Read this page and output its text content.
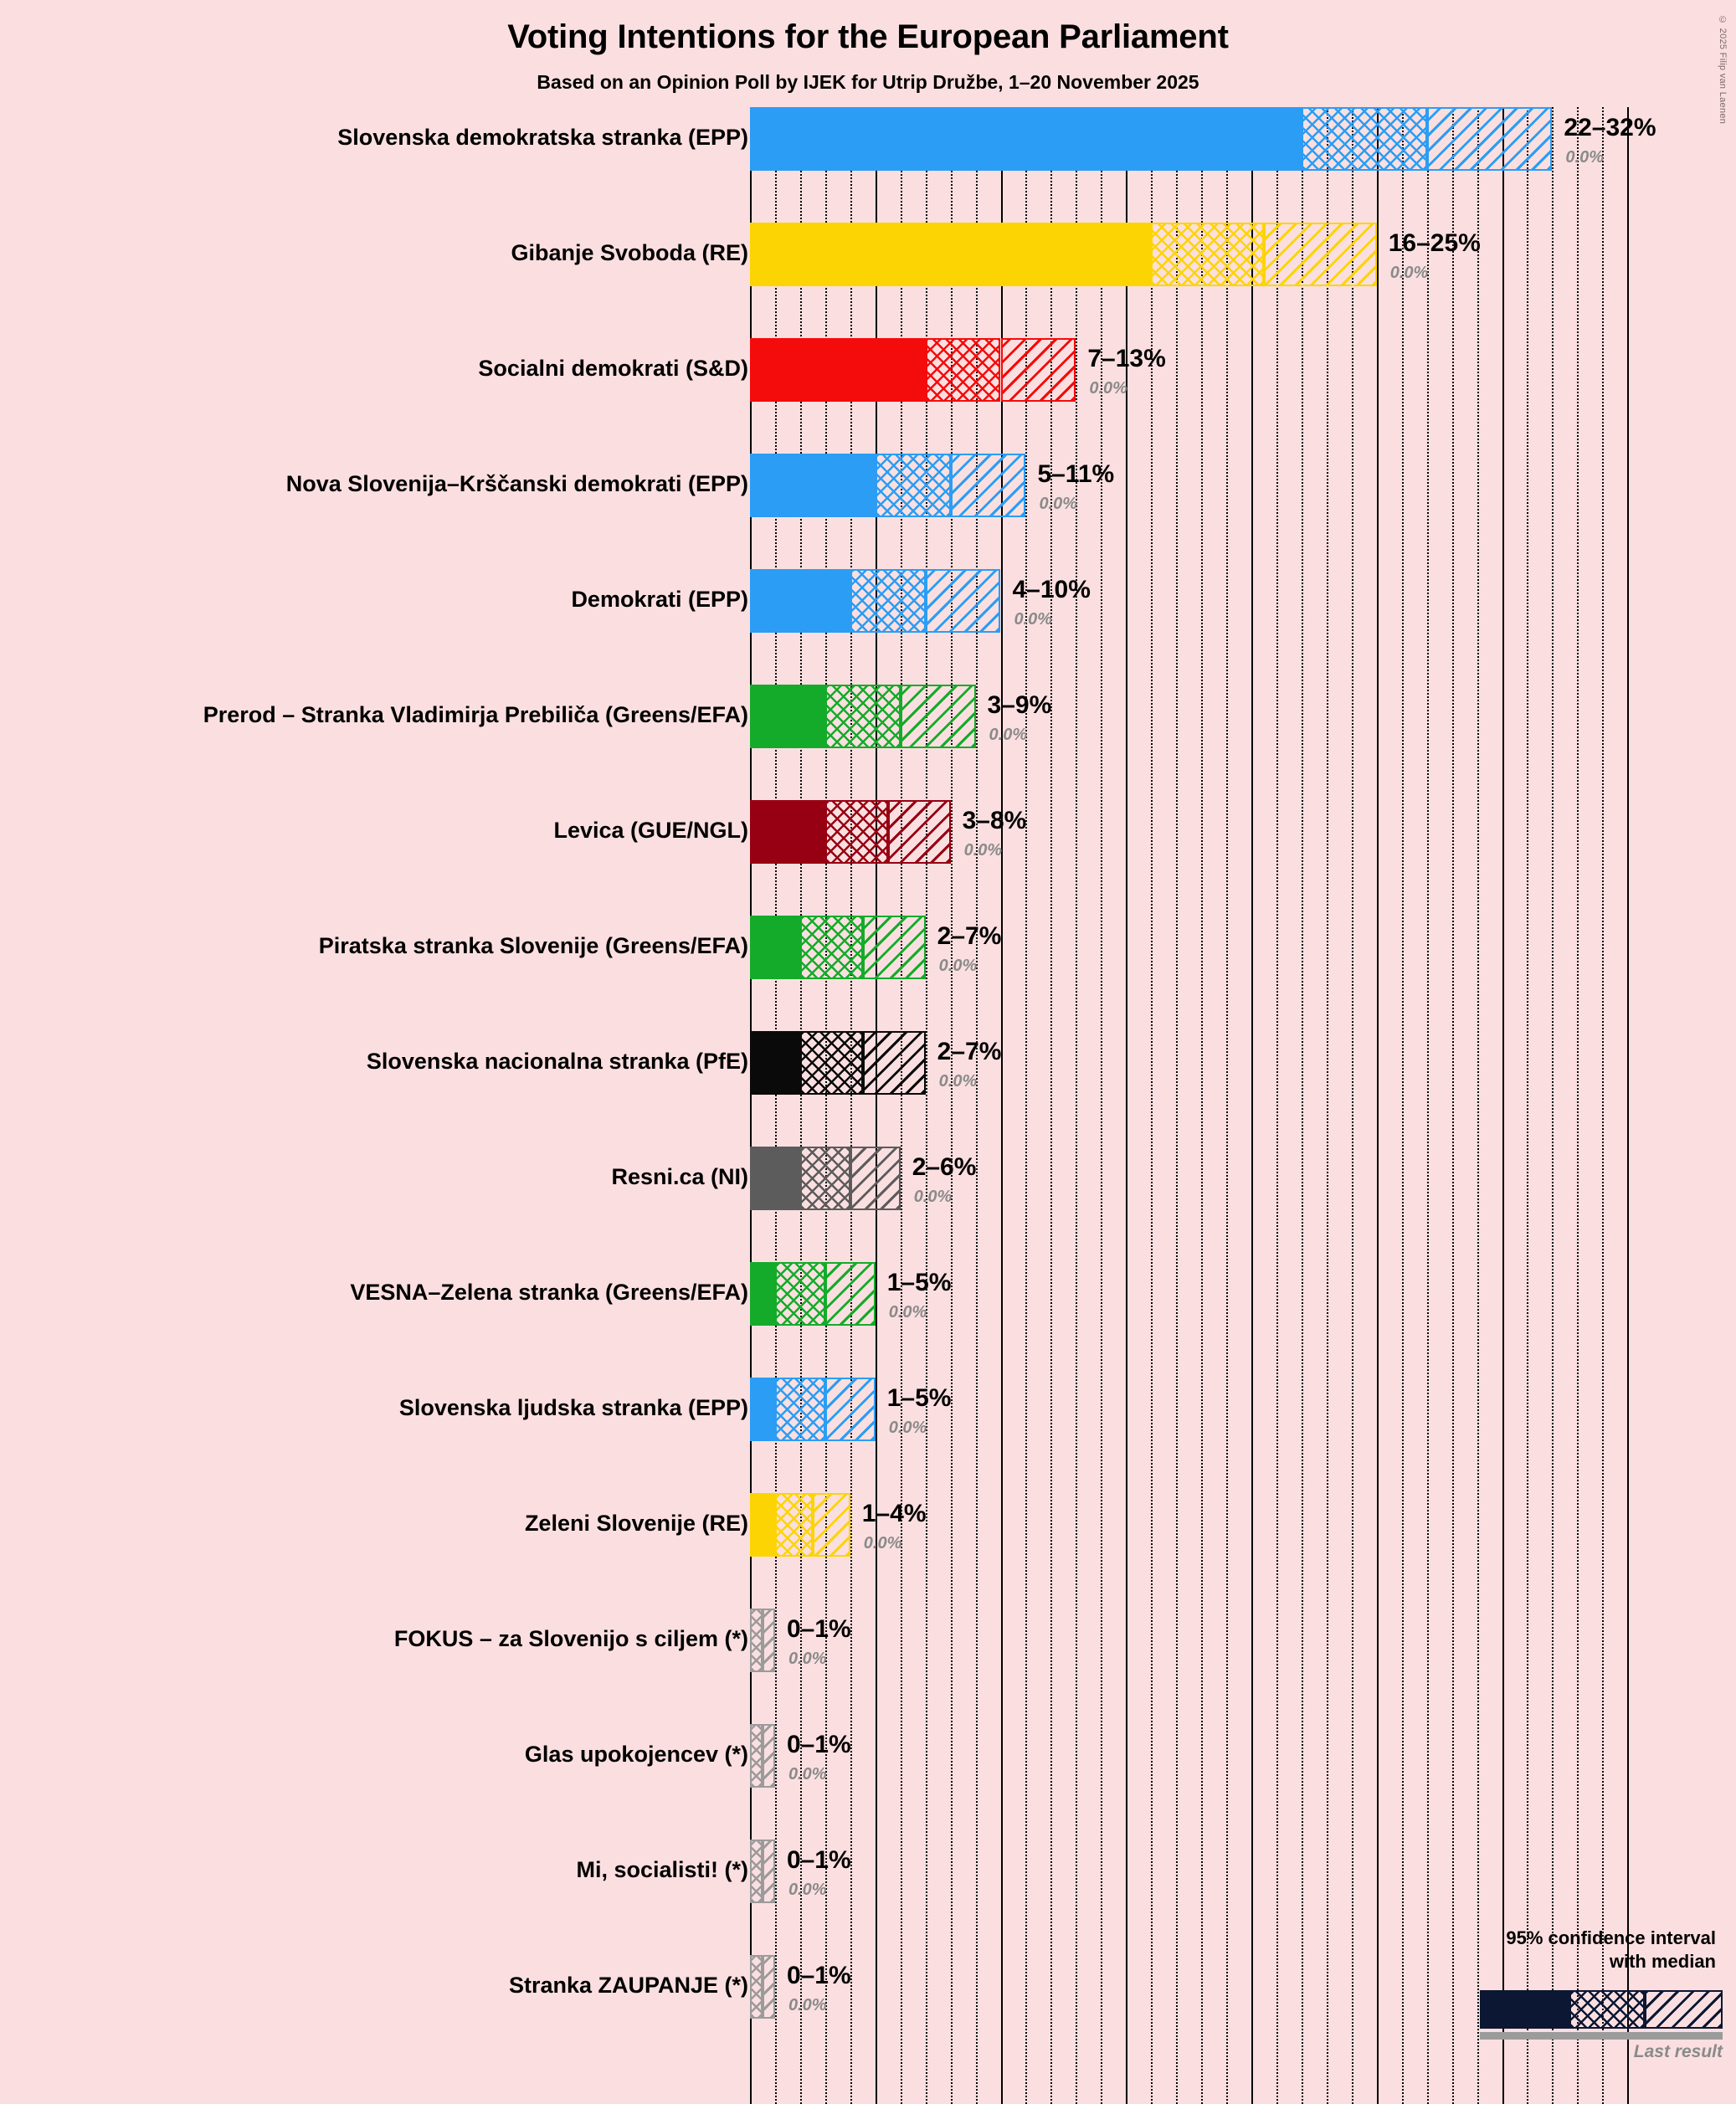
© 2025 Filip van Laenen
Voting Intentions for the European Parliament
Based on an Opinion Poll by IJEK for Utrip Družbe, 1–20 November 2025
Slovenska demokratska stranka (EPP)	22–32%
0.0%
Gibanje Svoboda (RE)	16–25%
0.0%
Socialni demokrati (S&D)	7–13%
0.0%
Nova Slovenija–Krščanski demokrati (EPP)	5–11%
0.0%
Demokrati (EPP)	4–10%
0.0%
Prerod – Stranka Vladimirja Prebiliča (Greens/EFA)	3–9%
0.0%
Levica (GUE/NGL)	3–8%
0.0%
Piratska stranka Slovenije (Greens/EFA)	2–7%
0.0%
Slovenska nacionalna stranka (PfE)	2–7%
0.0%
Resni.ca (NI)	2–6%
0.0%
VESNA–Zelena stranka (Greens/EFA)	1–5%
0.0%
Slovenska ljudska stranka (EPP)	1–5%
0.0%
Zeleni Slovenije (RE)	1–4%
0.0%
FOKUS – za Slovenijo s ciljem (*) 0–1%
0.0%
Glas upokojencev (*) 0–1%
0.0%
Mi, socialisti! (*) 0–1%
0.0%
Stranka ZAUPANJE (*) 0–1%
0.0%
95% confidence interval
with median
Last result
